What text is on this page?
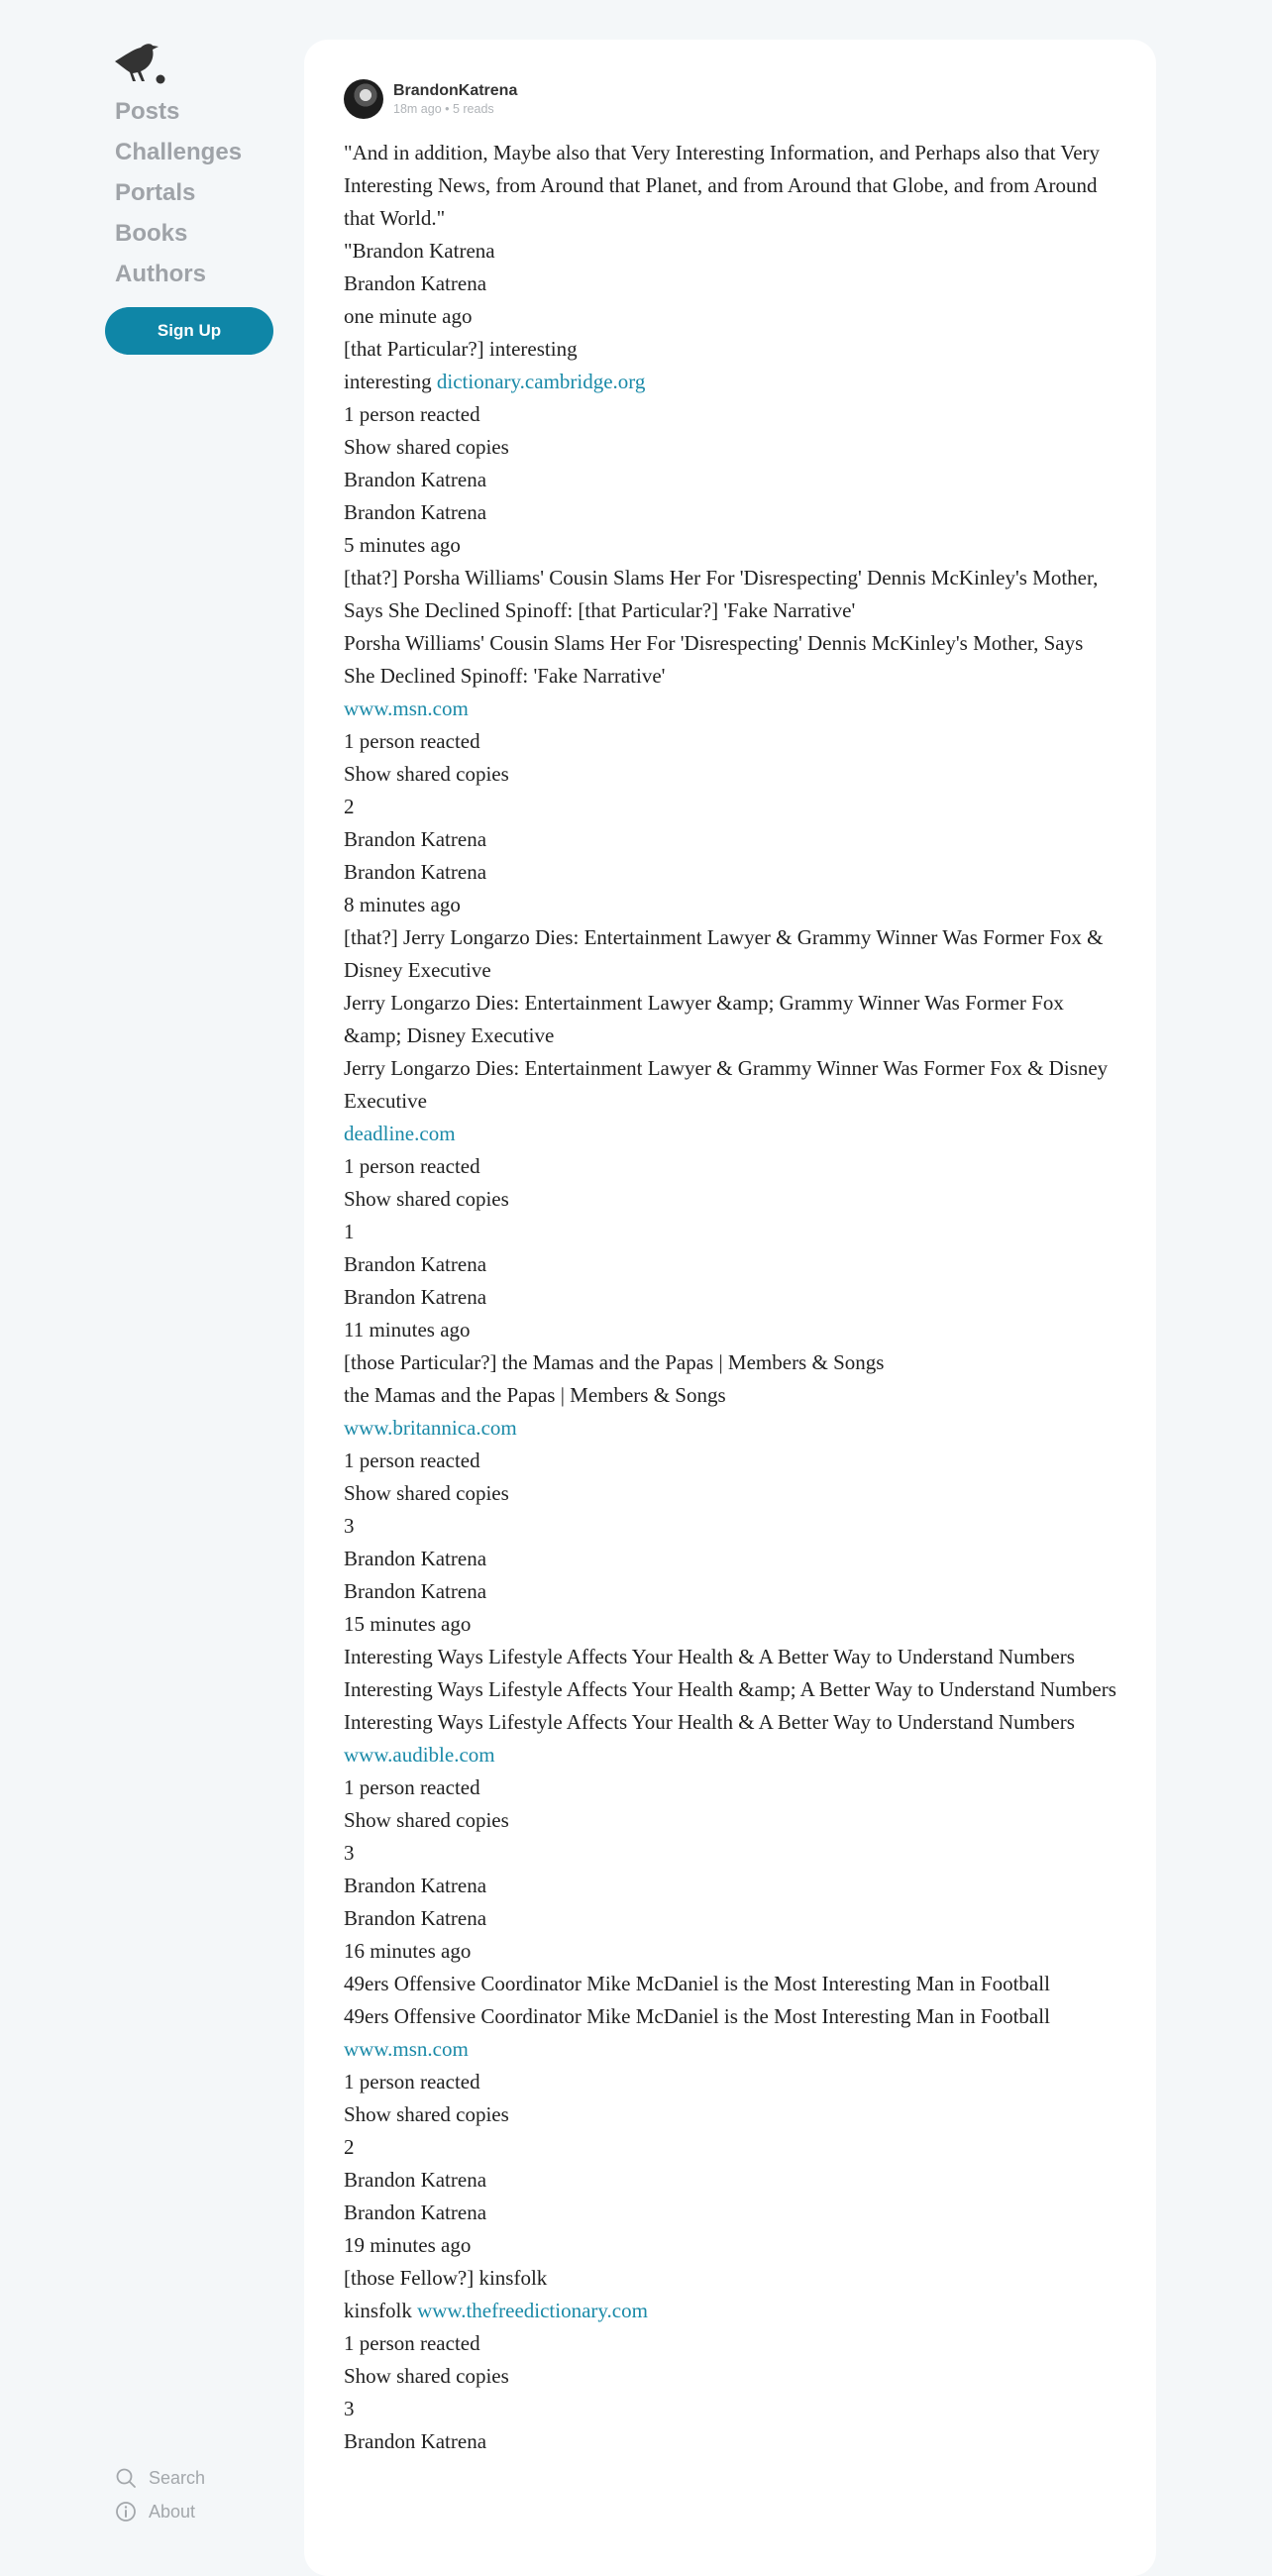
Posts
Challenges
Portals
Books
Authors
Sign Up
Search
About
BrandonKatrena
18m ago • 5 reads

"And in addition, Maybe also that Very Interesting Information, and Perhaps also that Very Interesting News, from Around that Planet, and from Around that Globe, and from Around that World."

"Brandon Katrena

Brandon Katrena

one minute ago

[that Particular?] interesting

interesting dictionary.cambridge.org

1 person reacted

Show shared copies

Brandon Katrena

Brandon Katrena

5 minutes ago

[that?] Porsha Williams' Cousin Slams Her For 'Disrespecting' Dennis McKinley's Mother, Says She Declined Spinoff: [that Particular?] 'Fake Narrative'

Porsha Williams' Cousin Slams Her For 'Disrespecting' Dennis McKinley's Mother, Says She Declined Spinoff: 'Fake Narrative'

www.msn.com

1 person reacted

Show shared copies

2

Brandon Katrena

Brandon Katrena

8 minutes ago

[that?] Jerry Longarzo Dies: Entertainment Lawyer & Grammy Winner Was Former Fox & Disney Executive

Jerry Longarzo Dies: Entertainment Lawyer &amp; Grammy Winner Was Former Fox &amp; Disney Executive

Jerry Longarzo Dies: Entertainment Lawyer & Grammy Winner Was Former Fox & Disney Executive

deadline.com

1 person reacted

Show shared copies

1

Brandon Katrena

Brandon Katrena

11 minutes ago

[those Particular?] the Mamas and the Papas | Members & Songs

the Mamas and the Papas | Members & Songs

www.britannica.com

1 person reacted

Show shared copies

3

Brandon Katrena

Brandon Katrena

15 minutes ago

Interesting Ways Lifestyle Affects Your Health & A Better Way to Understand Numbers

Interesting Ways Lifestyle Affects Your Health &amp; A Better Way to Understand Numbers

Interesting Ways Lifestyle Affects Your Health & A Better Way to Understand Numbers

www.audible.com

1 person reacted

Show shared copies

3

Brandon Katrena

Brandon Katrena

16 minutes ago

49ers Offensive Coordinator Mike McDaniel is the Most Interesting Man in Football

49ers Offensive Coordinator Mike McDaniel is the Most Interesting Man in Football

www.msn.com

1 person reacted

Show shared copies

2

Brandon Katrena

Brandon Katrena

19 minutes ago

[those Fellow?] kinsfolk

kinsfolk www.thefreedictionary.com

1 person reacted

Show shared copies

3

Brandon Katrena
